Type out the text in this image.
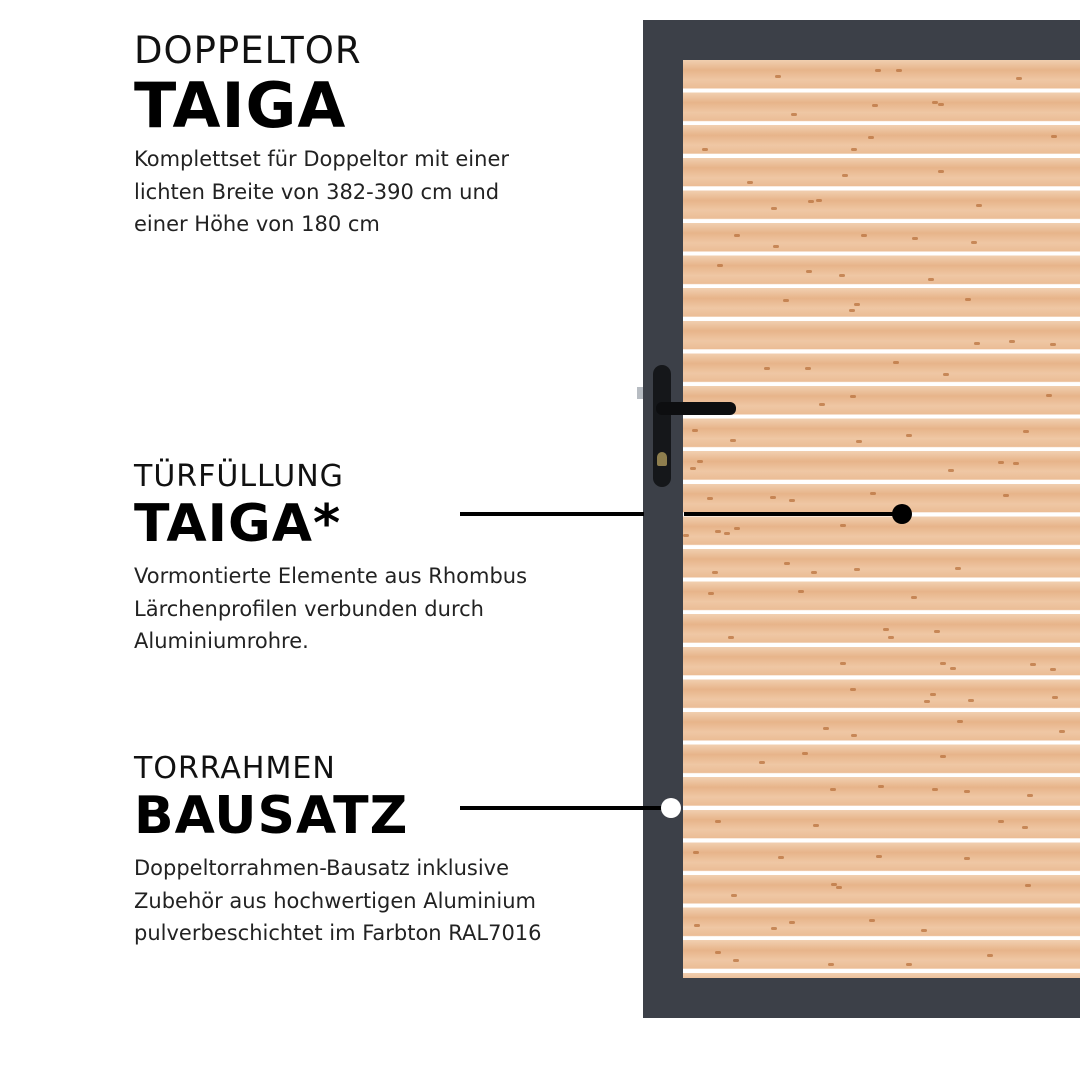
DOPPELTOR
TAIGA
Komplettset für Doppeltor mit einer
lichten Breite von 382-390 cm und
einer Höhe von 180 cm
TÜRFÜLLUNG
TAIGA*
Vormontierte Elemente aus Rhombus
Lärchenprofilen verbunden durch
Aluminiumrohre.
TORRAHMEN
BAUSATZ
Doppeltorrahmen-Bausatz inklusive
Zubehör aus hochwertigen Aluminium
pulverbeschichtet im Farbton RAL7016
